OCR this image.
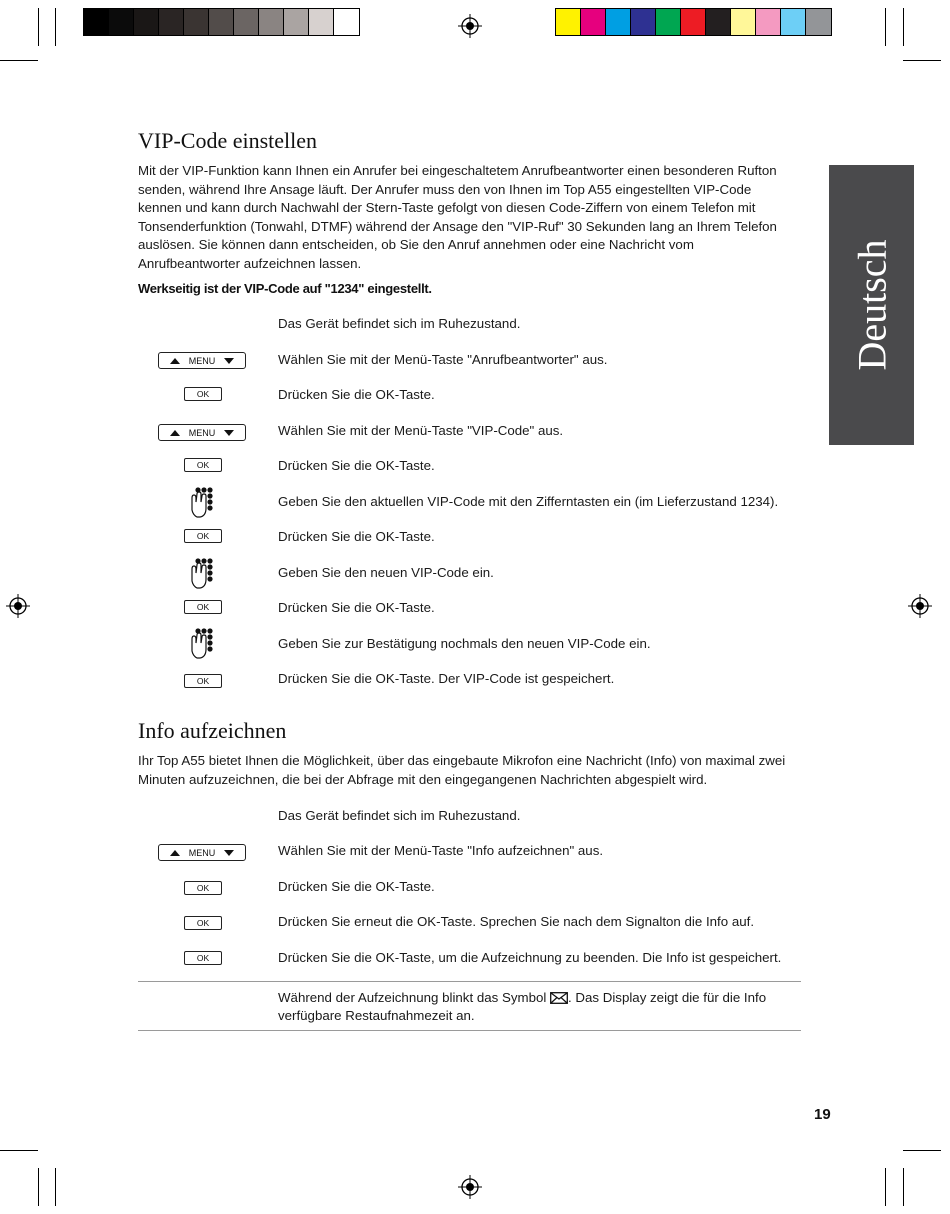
Deutsch
VIP-Code einstellen

Mit der VIP-Funktion kann Ihnen ein Anrufer bei eingeschaltetem Anrufbeantworter einen besonderen Rufton senden, während Ihre Ansage läuft. Der Anrufer muss den von Ihnen im Top A55 eingestellten VIP-Code kennen und kann durch Nachwahl der Stern-Taste gefolgt von diesen Code-Ziffern von einem Telefon mit Tonsenderfunktion (Tonwahl, DTMF) während der Ansage den "VIP-Ruf" 30 Sekunden lang an Ihrem Telefon auslösen. Sie können dann entscheiden, ob Sie den Anruf annehmen oder eine Nachricht vom Anrufbeantworter aufzeichnen lassen.

Werkseitig ist der VIP-Code auf "1234" eingestellt.

Das Gerät befindet sich im Ruhezustand.

MENU	Wählen Sie mit der Menü-Taste "Anrufbeantworter" aus.

OK	Drücken Sie die OK-Taste.

MENU	Wählen Sie mit der Menü-Taste "VIP-Code" aus.

OK	Drücken Sie die OK-Taste.

Geben Sie den aktuellen VIP-Code mit den Zifferntasten ein (im Lieferzustand 1234).

OK	Drücken Sie die OK-Taste.

Geben Sie den neuen VIP-Code ein.

OK	Drücken Sie die OK-Taste.

Geben Sie zur Bestätigung nochmals den neuen VIP-Code ein.

OK	Drücken Sie die OK-Taste. Der VIP-Code ist gespeichert.

Info aufzeichnen

Ihr Top A55 bietet Ihnen die Möglichkeit, über das eingebaute Mikrofon eine Nachricht (Info) von maximal zwei Minuten aufzuzeichnen, die bei der Abfrage mit den eingegangenen Nachrichten abgespielt wird.

Das Gerät befindet sich im Ruhezustand.

MENU	Wählen Sie mit der Menü-Taste "Info aufzeichnen" aus.

OK	Drücken Sie die OK-Taste.

OK	Drücken Sie erneut die OK-Taste. Sprechen Sie nach dem Signalton die Info auf.

OK	Drücken Sie die OK-Taste, um die Aufzeichnung zu beenden. Die Info ist gespeichert.

Während der Aufzeichnung blinkt das Symbol . Das Display zeigt die für die Info verfügbare Restaufnahmezeit an.

19
